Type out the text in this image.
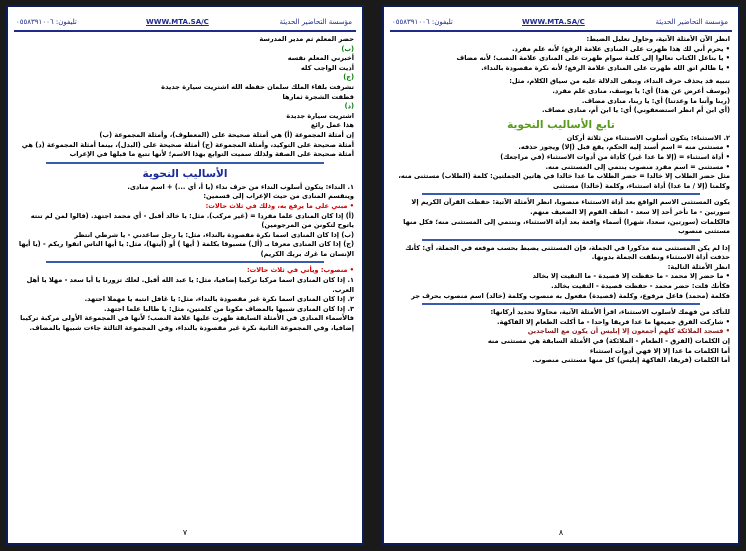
تليفون: ٠٥٥٨٣٩١٠٠٦	WWW.MTA.SA/C	مؤسسة التحاضير الحديثة

انظر الآن الأمثلة الآتية، وحاول تعليل الضبط:

• يحرم أني لك هذا ظهرت على المنادى علامة الرفع؛ لأنه علم مفرد.

• يا بتاعل الكتاب تعالوا إلى كلمة سوام ظهرت على المنادى علامة النصب؛ لأنه مضاف

• يا ظالم اتق الله ظهرت على المنادى علامة الرفع؛ لأنه نكرة مقصودة بالنداء.

تنبيه قد يحذف حرف النداء، وتبقى الدلالة عليه من سياق الكلام، مثل:

(يوسف أعرض عن هذا) أي: يا يوسف، منادى علم مفرد.

(ربنا وآتنا ما وعدتنا) أي: يا ربنا، منادى مضاف.

(أي ابن أم انظر استضعفوني) أي: يا ابن أم، منادى مضاف.

تابع الأساليب النحوية

٢. الاستثناء: يتكون أسلوب الاستثناء من ثلاثة أركان

• مستثنى منه = اسم أسند إليه الحكم، يقع قبل (إلا) ويجوز حذفه.

• أداة استثناء = (إلا ما عدا غير) كأداة من أدوات الاستثناء (في مراجعك)

• مستثنى = اسم مفرد منصوب ينتمي إلى المستثنى منه.

مثل حضر الطلاب إلا خالدا = حضر الطلاب ما عدا خالدا في هاتين الجملتين: كلمة (الطلاب) مستثنى منه، وكلمتا (إلا / ما عدا) أداة استثناء، وكلمة (خالدا) مستثنى

يكون المستثنى الاسم الواقع بعد أداة الاستثناء منصوبا، انظر الأمثلة الآتية: حفظت القرآن الكريم إلا سورتين - ما تأخر أحد إلا سعد - انظف القوم إلا الضعيف منهم.

فالكلمات (سورتين، سعدا، شهرا) أسماء واقعة بعد أداة الاستثناء، وتنتمي إلى المستثنى منه؛ فكل منها مستثنى منصوب

إذا لم يكن المستثنى منه مذكورا في الجملة، فإن المستثنى يضبط بحسب موقعه في الجملة، أي: كأنك حذفت أداة الاستثناء ونطقت الجملة بدونها.

انظر الأمثلة التالية:

• ما حضر إلا محمد - ما حفظت إلا قصيدة - ما التقيت إلا بخالد

فكأنك قلت: حضر محمد - حفظت قصيدة - التقيت بخالد.

فكلمة (محمد) فاعل مرفوع، وكلمة (قصيدة) مفعول به منصوب وكلمة (خالد) اسم منصوب بحرف جر

للتأكد من فهمك لأسلوب الاستثناء، اقرأ الأمثلة الآتية، محاولا تحديد أركانها:

• شاركت الفرق جميعها ما عدا فريقا واحدا - ما أكلت الطعام إلا الفاكهة.

• فسجد الملائكة كلهم أجمعون إلا إبليس أن يكون مع الساجدين

إن الكلمات (الفرق - الطعام - الملائكة) في الأمثلة السابقة هي مستثنى منه

أما الكلمات ما عدا إلا إلا فهي أدوات استثناء

أما الكلمات (فريقا، الفاكهة إبليس) كل منها مستثنى منصوب.

٨
تليفون: ٠٥٥٨٣٩١٠٠٦	WWW.MTA.SA/C	مؤسسة التحاضير الحديثة

حضر المعلم ثم مدير المدرسة

(ب)

أخبرني المعلم نفسه

أديت الواجب كله

(ج)

تشرفت بلقاء الملك سلمان حفظه الله اشتريت سيارة جديدة

قطفت الشجرة ثمارها

(د)

اشتريت سيارة جديدة

هذا عمل رائع

إن أمثلة المجموعة (أ) هي أمثلة صحيحة على (المعطوف)، وأمثلة المجموعة (ب)

أمثلة صحيحة على التوكيد، وأمثلة المجموعة (ج) أمثلة صحيحة على (البدل)، بينما أمثلة المجموعة (د) هي أمثلة صحيحة على الصفة ولذلك سميت التوابع بهذا الاسم؛ لأنها تتبع ما قبلها في الإعراب

الأساليب النحوية

١. النداء: يتكون أسلوب النداء من حرف نداء (يا أ، أي ...) + اسم منادى.

وينقسم المنادى من حيث الإعراب إلى قسمين:

• مبني على ما يرفع به، وذلك في ثلاث حالات:

(أ) إذا كان المنادى علما مفردا = (غير مركب). مثل: يا خالد أقبل - أي محمد اجتهد. (قالوا لمن لم تنته ياتوح لتكونن من المرجومين)

(ب) إذا كان المنادى اسما نكرة مقصودة بالنداء، مثل: يا رجل ساعدني - يا شرطي انتظر

(ج) إذا كان المنادى معرفا بـ (أل) مسبوقا بكلمة ( أيها ) أو (أيتها)، مثل: يا أيها الناس اتقوا ربكم - (يا أيها الإنسان ما غرك بربك الكريم)

• منصوب: ويأتي في ثلاث حالات:

١. إذا كان المنادى اسما مركبا تركيبا إضافيا، مثل: يا عبد الله أقبل. لعلك تزورنا يا أبا سعد - مهلا يا أهل العرب.

٢. إذا كان المنادى اسما نكرة غير مقصودة بالنداء، مثل: يا غافل انتبه يا مهملا اجتهد.

٣. إذا كان المنادى شبيها بالمضاف مكونا من كلمتين، مثل: يا طالبا علما اجتهد.

فالأسماء المنادى في الأمثلة السابقة ظهرت عليها علامة النصب؛ لأنها في المجموعة الأولى مركبة تركيبا إضافيا، وفي المجموعة الثانية نكرة غير مقصودة بالنداء، وفي المجموعة الثالثة جاءت شبيها بالمضاف.

٧
